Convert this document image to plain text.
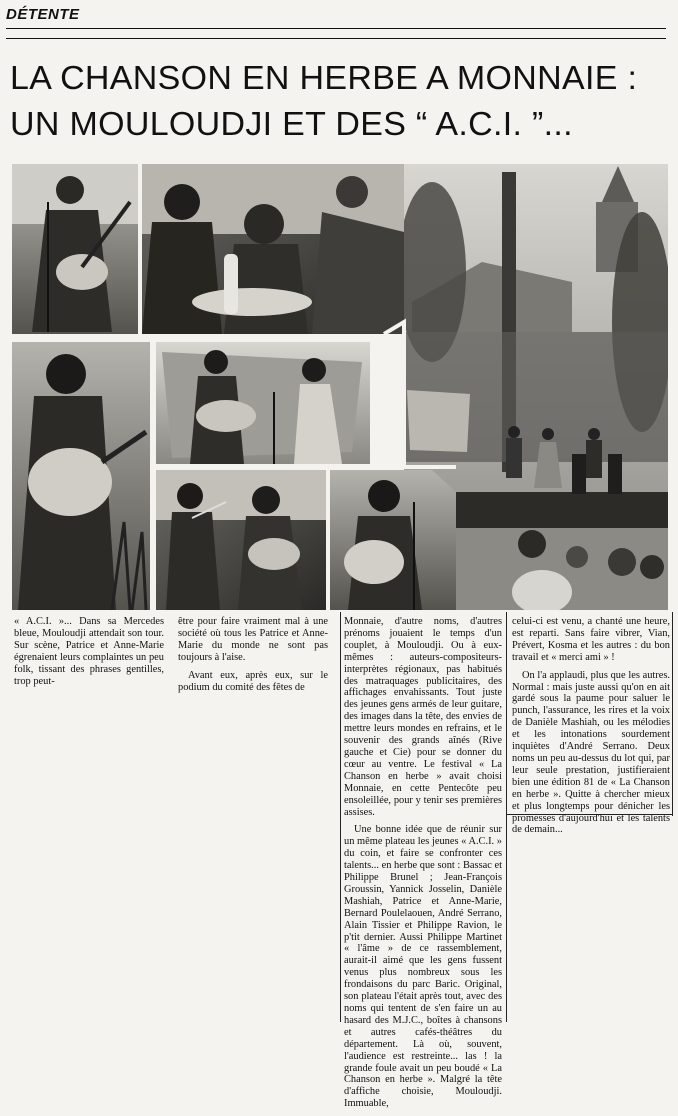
DÉTENTE
LA CHANSON EN HERBE A MONNAIE :
UN MOULOUDJI ET DES “ A.C.I. ”...

« A.C.I. »... Dans sa Mercedes bleue, Mouloudji attendait son tour. Sur scène, Patrice et Anne-Marie égrenaient leurs complaintes un peu folk, tissant des phrases gentilles, trop peut-

être pour faire vraiment mal à une société où tous les Patrice et Anne-Marie du monde ne sont pas toujours à l'aise.

Avant eux, après eux, sur le podium du comité des fêtes de

Monnaie, d'autre noms, d'autres prénoms jouaient le temps d'un couplet, à Mouloudji. Ou à eux-mêmes : auteurs-compositeurs-interprètes régionaux, pas habitués des matraquages publicitaires, des affichages envahissants. Tout juste des jeunes gens armés de leur guitare, des images dans la tête, des envies de mettre leurs mondes en refrains, et le souvenir des grands aînés (Rive gauche et Cie) pour se donner du cœur au ventre. Le festival « La Chanson en herbe » avait choisi Monnaie, en cette Pentecôte peu ensoleillée, pour y tenir ses premières assises.

Une bonne idée que de réunir sur un même plateau les jeunes « A.C.I. » du coin, et faire se confronter ces talents... en herbe que sont : Bassac et Philippe Brunel ; Jean-François Groussin, Yannick Josselin, Danièle Mashiah, Patrice et Anne-Marie, Bernard Poulelaouen, André Serrano, Alain Tissier et Philippe Ravion, le p'tit dernier. Aussi Philippe Martinet « l'âme » de ce rassemblement, aurait-il aimé que les gens fussent venus plus nombreux sous les frondaisons du parc Baric. Original, son plateau l'était après tout, avec des noms qui tentent de s'en faire un au hasard des M.J.C., boîtes à chansons et autres cafés-théâtres du département. Là où, souvent, l'audience est restreinte... las ! la grande foule avait un peu boudé « La Chanson en herbe ». Malgré la tête d'affiche choisie, Mouloudji. Immuable,

celui-ci est venu, a chanté une heure, est reparti. Sans faire vibrer, Vian, Prévert, Kosma et les autres : du bon travail et « merci ami » !

On l'a applaudi, plus que les autres. Normal : mais juste aussi qu'on en ait gardé sous la paume pour saluer le punch, l'assurance, les rires et la voix de Danièle Mashiah, ou les mélodies et les intonations sourdement inquiètes d'André Serrano. Deux noms un peu au-dessus du lot qui, par leur seule prestation, justifieraient bien une édition 81 de « La Chanson en herbe ». Quitte à chercher mieux et plus longtemps pour dénicher les promesses d'aujourd'hui et les talents de demain...
